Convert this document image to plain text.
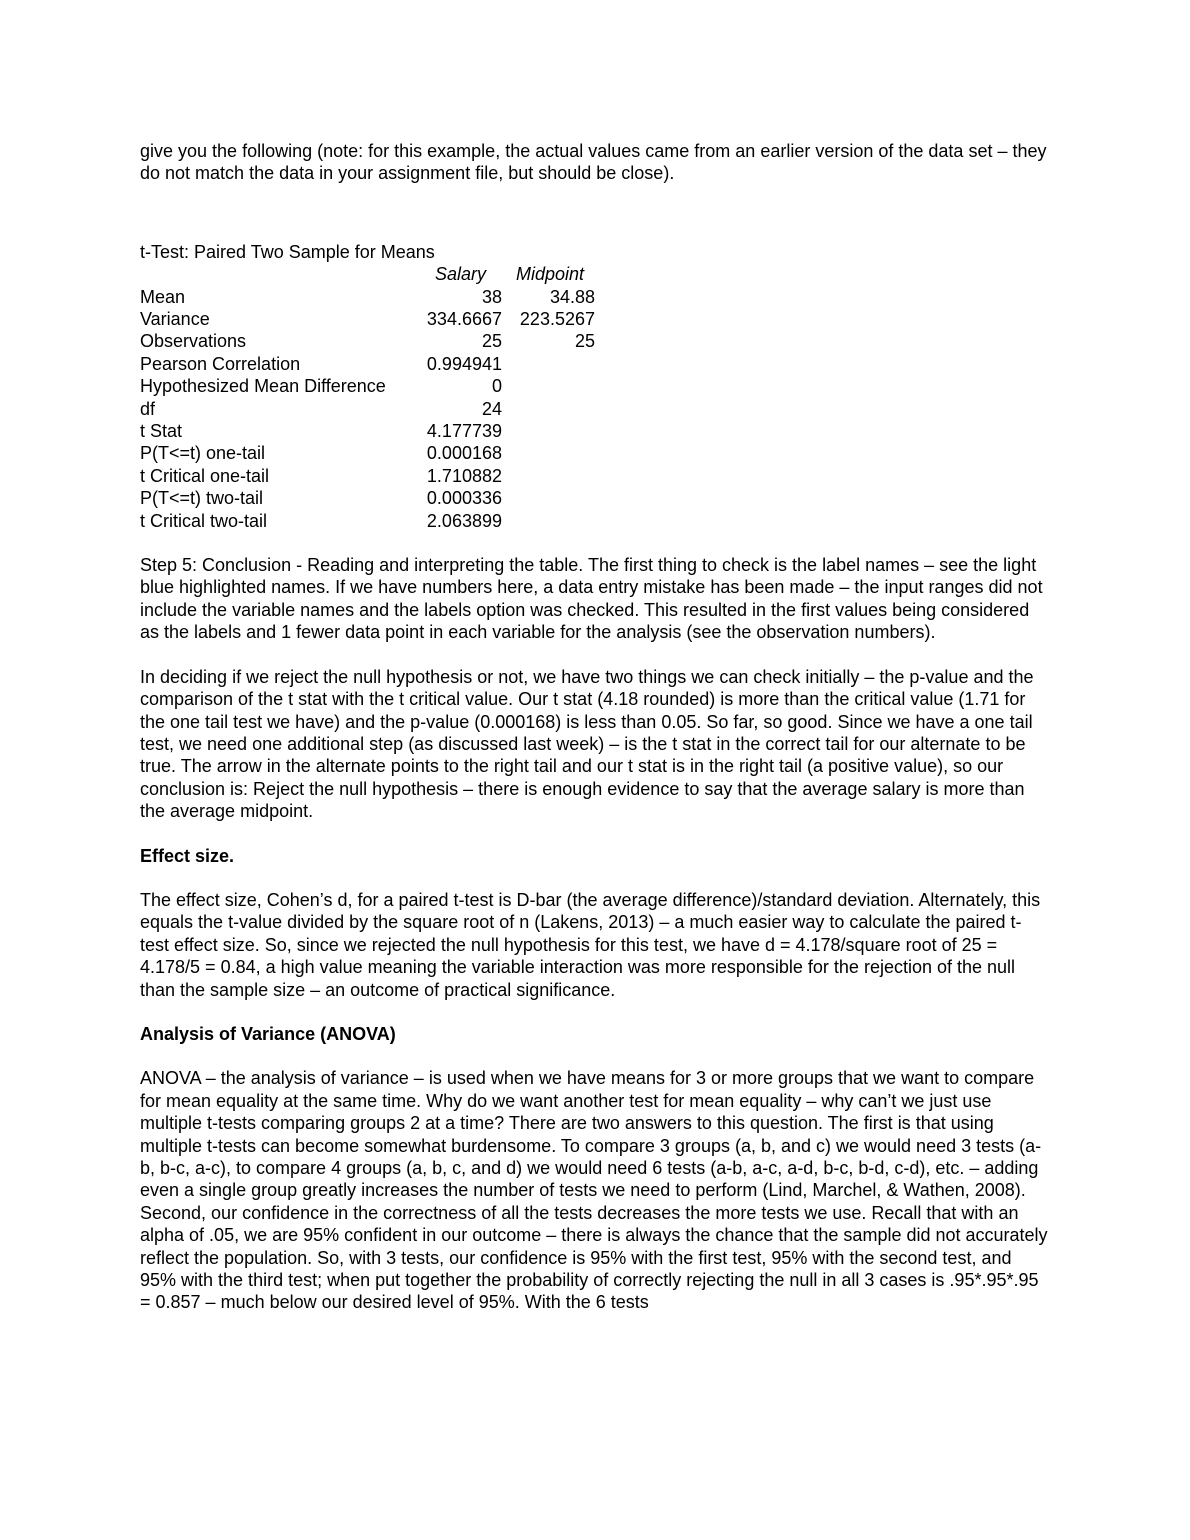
give you the following (note: for this example, the actual values came from an earlier version of the data set – they do not match the data in your assignment file, but should be close).

t-Test: Paired Two Sample for Means
	Salary	Midpoint
Mean	38	34.88
Variance	334.6667	223.5267
Observations	25	25
Pearson Correlation	0.994941	
Hypothesized Mean Difference	0	
df	24	
t Stat	4.177739	
P(T<=t) one-tail	0.000168	
t Critical one-tail	1.710882	
P(T<=t) two-tail	0.000336	
t Critical two-tail	2.063899	

Step 5: Conclusion - Reading and interpreting the table. The first thing to check is the label names – see the light blue highlighted names. If we have numbers here, a data entry mistake has been made – the input ranges did not include the variable names and the labels option was checked. This resulted in the first values being considered as the labels and 1 fewer data point in each variable for the analysis (see the observation numbers).

In deciding if we reject the null hypothesis or not, we have two things we can check initially – the p-value and the comparison of the t stat with the t critical value. Our t stat (4.18 rounded) is more than the critical value (1.71 for the one tail test we have) and the p-value (0.000168) is less than 0.05. So far, so good. Since we have a one tail test, we need one additional step (as discussed last week) – is the t stat in the correct tail for our alternate to be true. The arrow in the alternate points to the right tail and our t stat is in the right tail (a positive value), so our conclusion is: Reject the null hypothesis – there is enough evidence to say that the average salary is more than the average midpoint.

Effect size.

The effect size, Cohen’s d, for a paired t-test is D-bar (the average difference)/standard deviation. Alternately, this equals the t-value divided by the square root of n (Lakens, 2013) – a much easier way to calculate the paired t-test effect size. So, since we rejected the null hypothesis for this test, we have d = 4.178/square root of 25 = 4.178/5 = 0.84, a high value meaning the variable interaction was more responsible for the rejection of the null than the sample size – an outcome of practical significance.

Analysis of Variance (ANOVA)

ANOVA – the analysis of variance – is used when we have means for 3 or more groups that we want to compare for mean equality at the same time. Why do we want another test for mean equality – why can’t we just use multiple t-tests comparing groups 2 at a time? There are two answers to this question. The first is that using multiple t-tests can become somewhat burdensome. To compare 3 groups (a, b, and c) we would need 3 tests (a-b, b-c, a-c), to compare 4 groups (a, b, c, and d) we would need 6 tests (a-b, a-c, a-d, b-c, b-d, c-d), etc. – adding even a single group greatly increases the number of tests we need to perform (Lind, Marchel, & Wathen, 2008).

Second, our confidence in the correctness of all the tests decreases the more tests we use. Recall that with an alpha of .05, we are 95% confident in our outcome – there is always the chance that the sample did not accurately reflect the population. So, with 3 tests, our confidence is 95% with the first test, 95% with the second test, and 95% with the third test; when put together the probability of correctly rejecting the null in all 3 cases is .95*.95*.95 = 0.857 – much below our desired level of 95%. With the 6 tests
